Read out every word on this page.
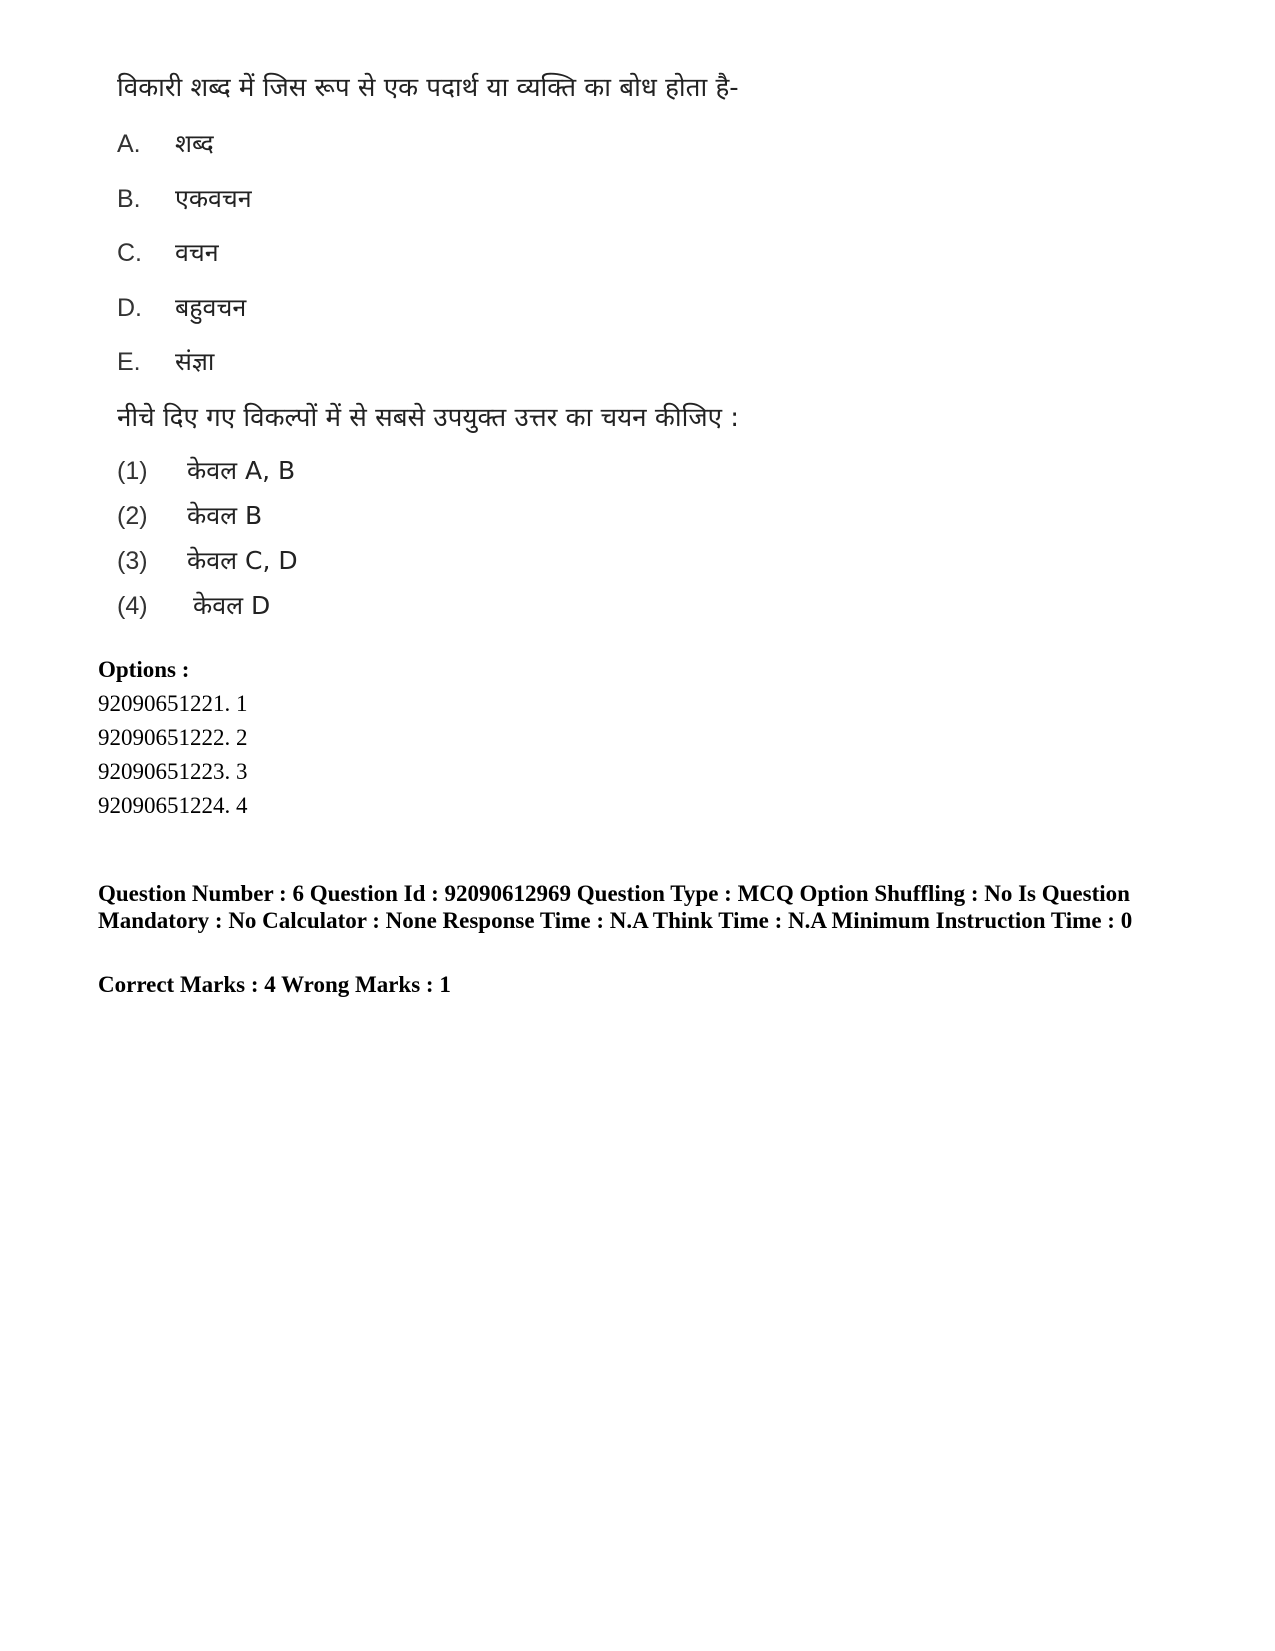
विकारी शब्द में जिस रूप से एक पदार्थ या व्यक्ति का बोध होता है-
A. शब्द
B. एकवचन
C. वचन
D. बहुवचन
E. संज्ञा
नीचे दिए गए विकल्पों में से सबसे उपयुक्त उत्तर का चयन कीजिए :
(1) केवल A, B
(2) केवल B
(3) केवल C, D
(4) केवल D
Options :
92090651221. 1
92090651222. 2
92090651223. 3
92090651224. 4
Question Number : 6 Question Id : 92090612969 Question Type : MCQ Option Shuffling : No Is Question Mandatory : No Calculator : None Response Time : N.A Think Time : N.A Minimum Instruction Time : 0
Correct Marks : 4 Wrong Marks : 1
